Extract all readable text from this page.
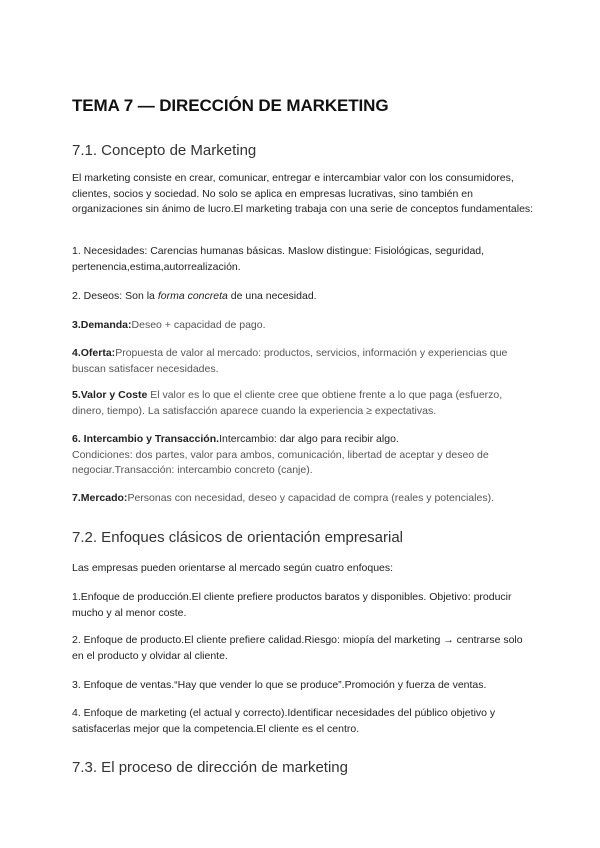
TEMA 7 — DIRECCIÓN DE MARKETING
7.1. Concepto de Marketing

El marketing consiste en crear, comunicar, entregar e intercambiar valor con los consumidores, clientes, socios y sociedad. No solo se aplica en empresas lucrativas, sino también en organizaciones sin ánimo de lucro.El marketing trabaja con una serie de conceptos fundamentales:

1. Necesidades: Carencias humanas básicas. Maslow distingue: Fisiológicas, seguridad, pertenencia,estima,autorrealización.

2. Deseos: Son la forma concreta de una necesidad.

3.Demanda:Deseo + capacidad de pago.

4.Oferta:Propuesta de valor al mercado: productos, servicios, información y experiencias que buscan satisfacer necesidades.

5.Valor y Coste El valor es lo que el cliente cree que obtiene frente a lo que paga (esfuerzo, dinero, tiempo). La satisfacción aparece cuando la experiencia ≥ expectativas.

6. Intercambio y Transacción.Intercambio: dar algo para recibir algo.
Condiciones: dos partes, valor para ambos, comunicación, libertad de aceptar y deseo de negociar.Transacción: intercambio concreto (canje).

7.Mercado:Personas con necesidad, deseo y capacidad de compra (reales y potenciales).

7.2. Enfoques clásicos de orientación empresarial

Las empresas pueden orientarse al mercado según cuatro enfoques:

1.Enfoque de producción.El cliente prefiere productos baratos y disponibles. Objetivo: producir mucho y al menor coste.

2. Enfoque de producto.El cliente prefiere calidad.Riesgo: miopía del marketing → centrarse solo en el producto y olvidar al cliente.

3. Enfoque de ventas.“Hay que vender lo que se produce”.Promoción y fuerza de ventas.

4. Enfoque de marketing (el actual y correcto).Identificar necesidades del público objetivo y satisfacerlas mejor que la competencia.El cliente es el centro.

7.3. El proceso de dirección de marketing
